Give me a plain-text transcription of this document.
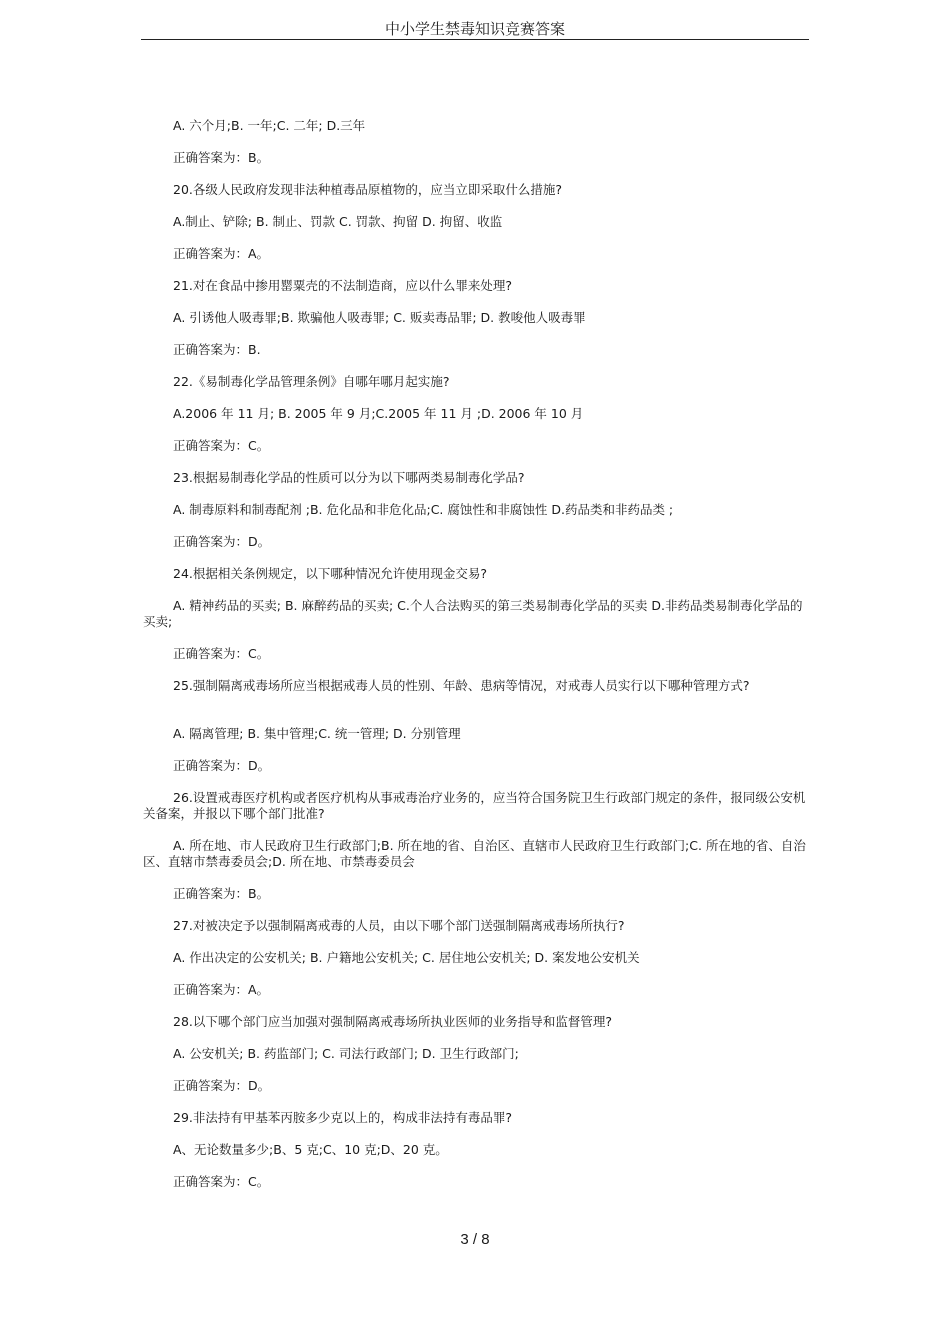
中小学生禁毒知识竞赛答案
A. 六个月;B. 一年;C. 二年; D.三年
正确答案为：B。
20.各级人民政府发现非法种植毒品原植物的，应当立即采取什么措施?
A.制止、铲除; B. 制止、罚款 C. 罚款、拘留 D. 拘留、收监
正确答案为：A。
21.对在食品中掺用罂粟壳的不法制造商，应以什么罪来处理?
A. 引诱他人吸毒罪;B. 欺骗他人吸毒罪; C. 贩卖毒品罪; D. 教唆他人吸毒罪
正确答案为：B.
22.《易制毒化学品管理条例》自哪年哪月起实施?
A.2006 年 11 月; B. 2005 年 9 月;C.2005 年 11 月 ;D. 2006 年 10 月
正确答案为：C。
23.根据易制毒化学品的性质可以分为以下哪两类易制毒化学品?
A. 制毒原料和制毒配剂 ;B. 危化品和非危化品;C. 腐蚀性和非腐蚀性 D.药品类和非药品类 ;
正确答案为：D。
24.根据相关条例规定，以下哪种情况允许使用现金交易?
A. 精神药品的买卖; B. 麻醉药品的买卖; C.个人合法购买的第三类易制毒化学品的买卖 D.非药品类易制毒化学品的买卖;
正确答案为：C。
25.强制隔离戒毒场所应当根据戒毒人员的性别、年龄、患病等情况，对戒毒人员实行以下哪种管理方式?
A. 隔离管理; B. 集中管理;C. 统一管理; D. 分别管理
正确答案为：D。
26.设置戒毒医疗机构或者医疗机构从事戒毒治疗业务的，应当符合国务院卫生行政部门规定的条件，报同级公安机关备案，并报以下哪个部门批准?
A. 所在地、市人民政府卫生行政部门;B. 所在地的省、自治区、直辖市人民政府卫生行政部门;C. 所在地的省、自治区、直辖市禁毒委员会;D. 所在地、市禁毒委员会
正确答案为：B。
27.对被决定予以强制隔离戒毒的人员，由以下哪个部门送强制隔离戒毒场所执行?
A. 作出决定的公安机关; B. 户籍地公安机关; C. 居住地公安机关; D. 案发地公安机关
正确答案为：A。
28.以下哪个部门应当加强对强制隔离戒毒场所执业医师的业务指导和监督管理?
A. 公安机关; B. 药监部门; C. 司法行政部门; D. 卫生行政部门;
正确答案为：D。
29.非法持有甲基苯丙胺多少克以上的，构成非法持有毒品罪?
A、无论数量多少;B、5 克;C、10 克;D、20 克。
正确答案为：C。
3 / 8
